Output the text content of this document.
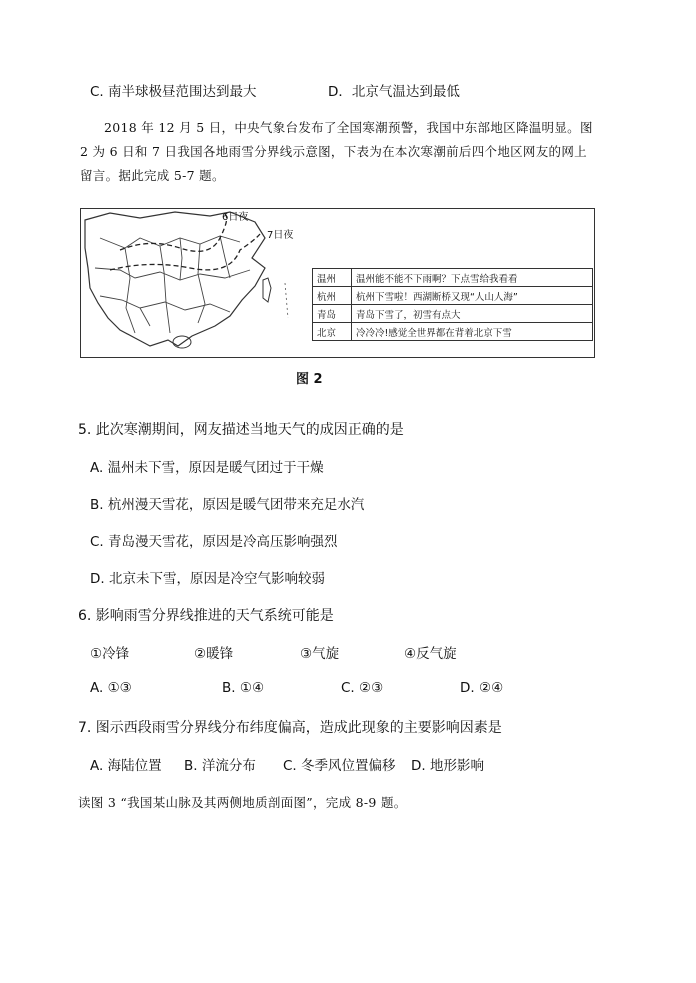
C. 南半球极昼范围达到最大	D．北京气温达到最低
2018 年 12 月 5 日，中央气象台发布了全国寒潮预警，我国中东部地区降温明显。图
2 为 6 日和 7 日我国各地雨雪分界线示意图，下表为在本次寒潮前后四个地区网友的网上
留言。据此完成 5-7 题。
6日夜
7日夜
温州	温州能不能不下雨啊？下点雪给我看看
杭州	杭州下雪啦！西湖断桥又现“人山人海”
青岛	青岛下雪了，初雪有点大
北京	冷冷冷!感觉全世界都在背着北京下雪
图 2
5. 此次寒潮期间，网友描述当地天气的成因正确的是
A. 温州未下雪，原因是暖气团过于干燥
B. 杭州漫天雪花，原因是暖气团带来充足水汽
C. 青岛漫天雪花，原因是冷高压影响强烈
D. 北京未下雪，原因是冷空气影响较弱
6. 影响雨雪分界线推进的天气系统可能是
①冷锋	②暖锋	③气旋	④反气旋
A. ①③	B. ①④	C. ②③	D. ②④
7. 图示西段雨雪分界线分布纬度偏高，造成此现象的主要影响因素是
A. 海陆位置 B. 洋流分布 C. 冬季风位置偏移 D. 地形影响
读图 3 “我国某山脉及其两侧地质剖面图”，完成 8-9 题。
